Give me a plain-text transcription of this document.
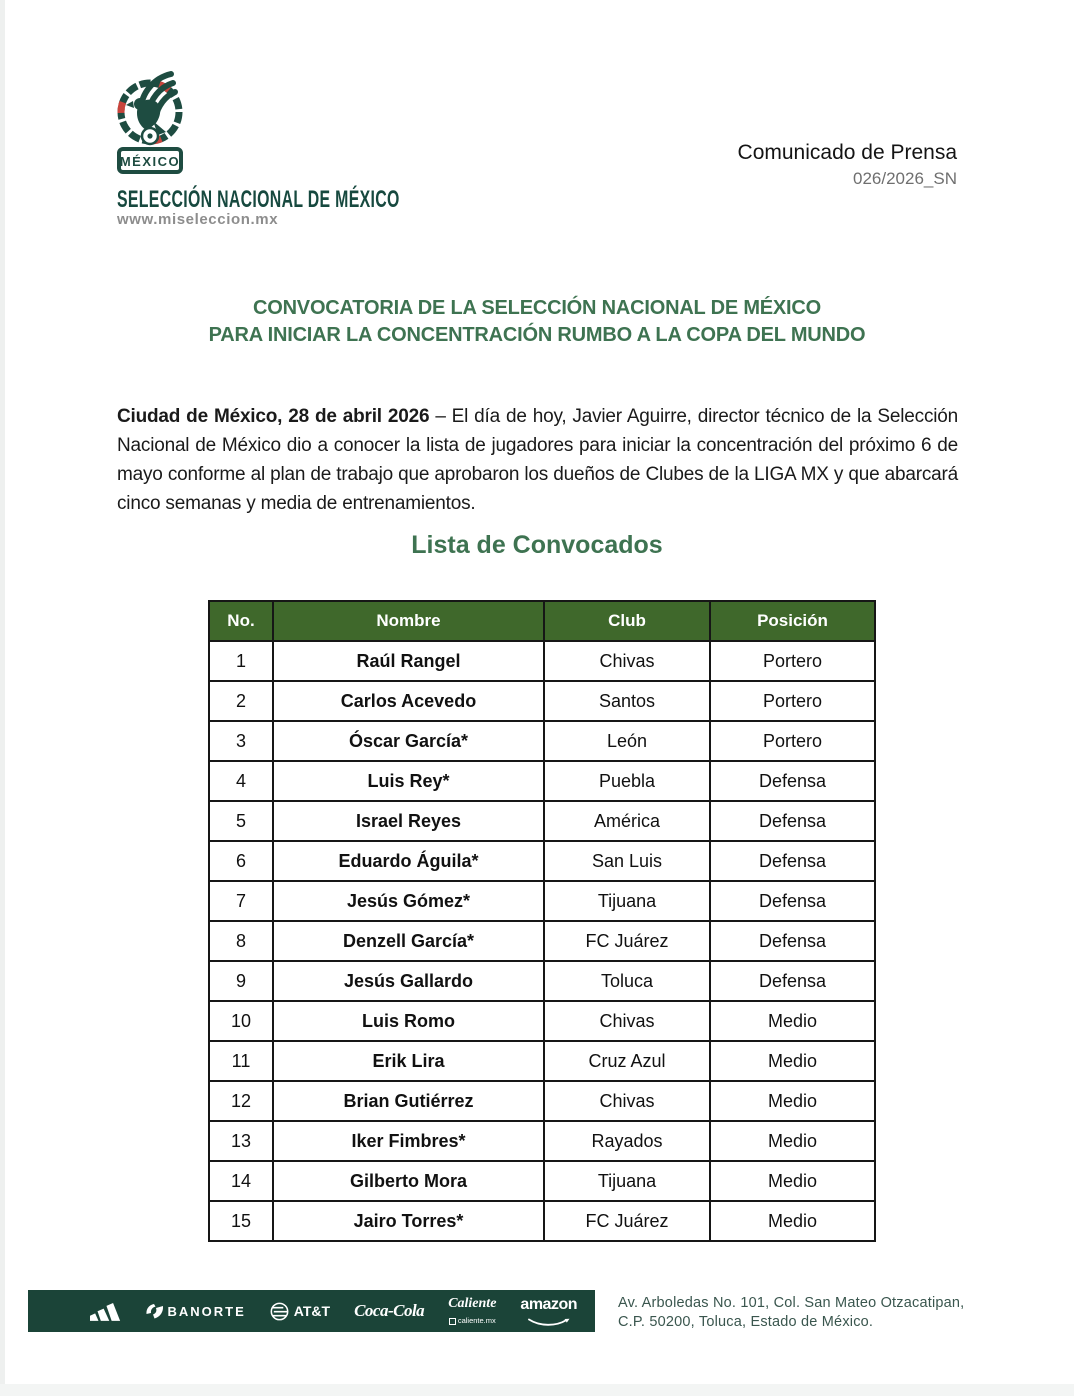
MÉXICO
SELECCIÓN NACIONAL DE MÉXICO
www.miseleccion.mx
Comunicado de Prensa
026/2026_SN
CONVOCATORIA DE LA SELECCIÓN NACIONAL DE MÉXICO
PARA INICIAR LA CONCENTRACIÓN RUMBO A LA COPA DEL MUNDO

Ciudad de México, 28 de abril 2026 – El día de hoy, Javier Aguirre, director técnico de la Selección Nacional de México dio a conocer la lista de jugadores para iniciar la concentración del próximo 6 de mayo conforme al plan de trabajo que aprobaron los dueños de Clubes de la LIGA MX y que abarcará cinco semanas y media de entrenamientos.

Lista de Convocados
No.	Nombre	Club	Posición
1	Raúl Rangel	Chivas	Portero
2	Carlos Acevedo	Santos	Portero
3	Óscar García*	León	Portero
4	Luis Rey*	Puebla	Defensa
5	Israel Reyes	América	Defensa
6	Eduardo Águila*	San Luis	Defensa
7	Jesús Gómez*	Tijuana	Defensa
8	Denzell García*	FC Juárez	Defensa
9	Jesús Gallardo	Toluca	Defensa
10	Luis Romo	Chivas	Medio
11	Erik Lira	Cruz Azul	Medio
12	Brian Gutiérrez	Chivas	Medio
13	Iker Fimbres*	Rayados	Medio
14	Gilberto Mora	Tijuana	Medio
15	Jairo Torres*	FC Juárez	Medio
BANORTE	AT&T Coca-Cola Caliente
caliente.mx
amazon	Av. Arboledas No. 101, Col. San Mateo Otzacatipan,
C.P. 50200, Toluca, Estado de México.
